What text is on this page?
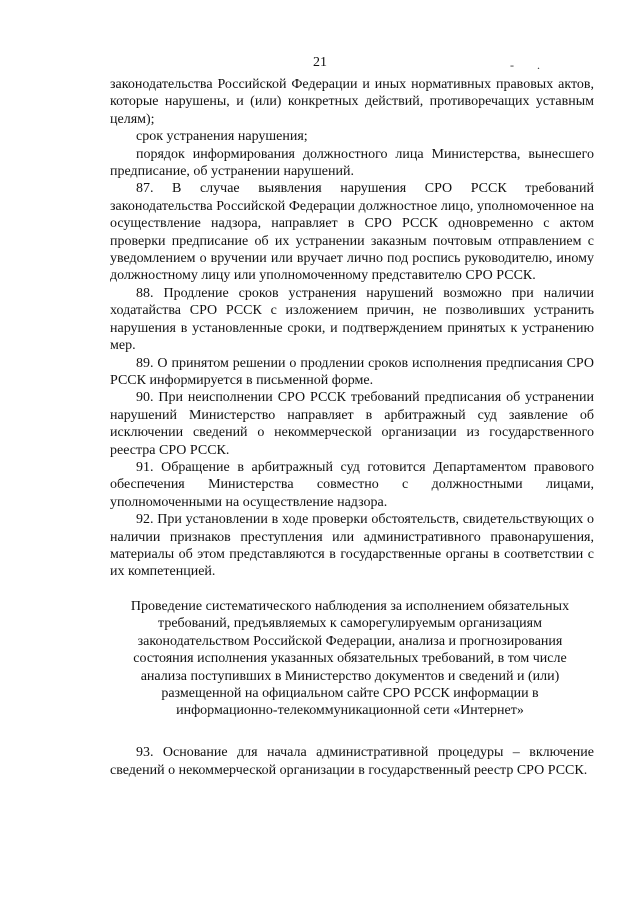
21	- .

законодательства Российской Федерации и иных нормативных правовых актов, которые нарушены, и (или) конкретных действий, противоречащих уставным целям);

срок устранения нарушения;

порядок информирования должностного лица Министерства, вынесшего предписание, об устранении нарушений.

87. В случае выявления нарушения СРО РССК требований законодательства Российской Федерации должностное лицо, уполномоченное на осуществление надзора, направляет в СРО РССК одновременно с актом проверки предписание об их устранении заказным почтовым отправлением с уведомлением о вручении или вручает лично под роспись руководителю, иному должностному лицу или уполномоченному представителю СРО РССК.

88. Продление сроков устранения нарушений возможно при наличии ходатайства СРО РССК с изложением причин, не позволивших устранить нарушения в установленные сроки, и подтверждением принятых к устранению мер.

89. О принятом решении о продлении сроков исполнения предписания СРО РССК информируется в письменной форме.

90. При неисполнении СРО РССК требований предписания об устранении нарушений Министерство направляет в арбитражный суд заявление об исключении сведений о некоммерческой организации из государственного реестра СРО РССК.

91. Обращение в арбитражный суд готовится Департаментом правового обеспечения Министерства совместно с должностными лицами, уполномоченными на осуществление надзора.

92. При установлении в ходе проверки обстоятельств, свидетельствующих о наличии признаков преступления или административного правонарушения, материалы об этом представляются в государственные органы в соответствии с их компетенцией.

Проведение систематического наблюдения за исполнением обязательных требований, предъявляемых к саморегулируемым организациям законодательством Российской Федерации, анализа и прогнозирования состояния исполнения указанных обязательных требований, в том числе анализа поступивших в Министерство документов и сведений и (или) размещенной на официальном сайте СРО РССК информации в информационно-телекоммуникационной сети «Интернет»

93. Основание для начала административной процедуры – включение сведений о некоммерческой организации в государственный реестр СРО РССК.
